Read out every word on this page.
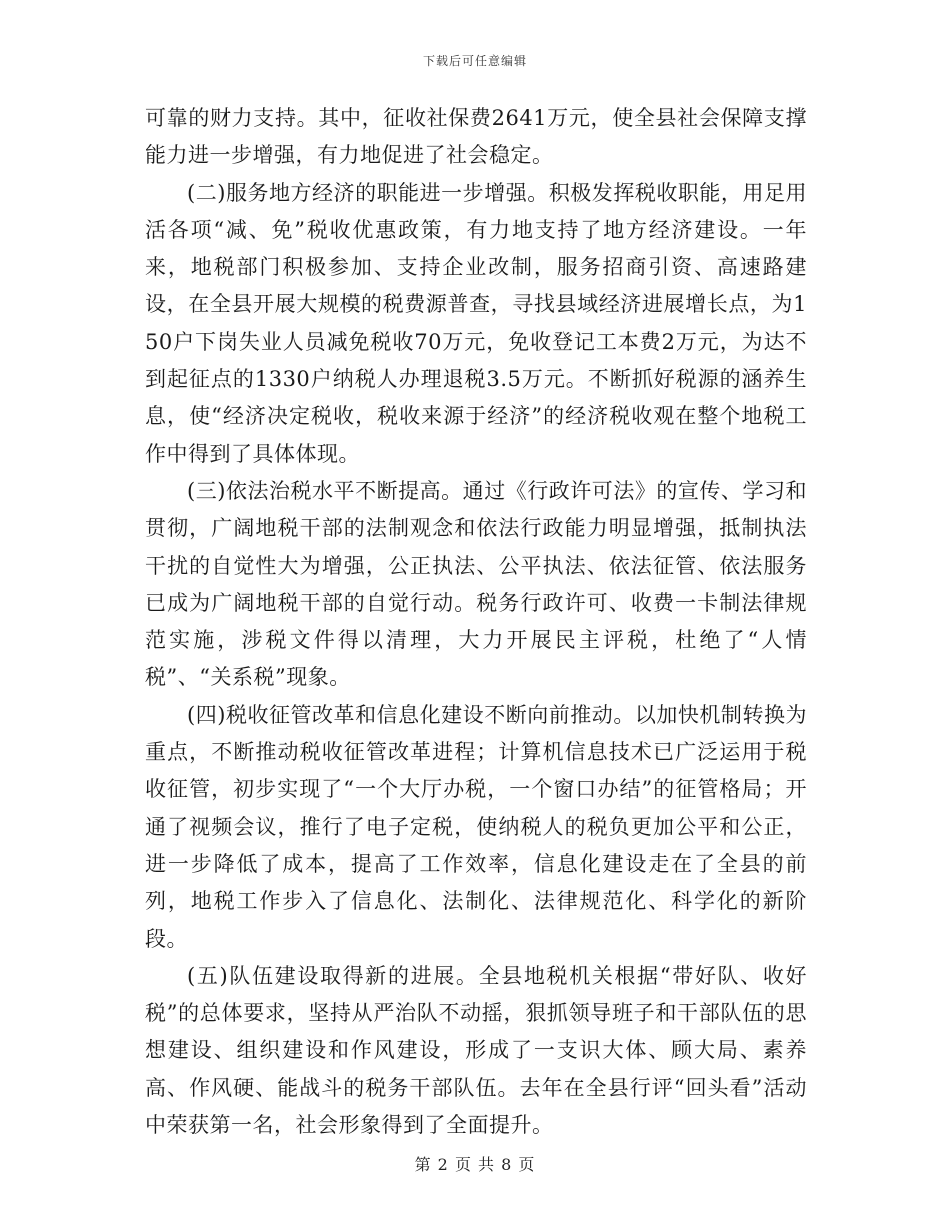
下载后可任意编辑

可靠的财力支持。其中，征收社保费2641万元，使全县社会保障支撑能力进一步增强，有力地促进了社会稳定。

(二)服务地方经济的职能进一步增强。积极发挥税收职能，用足用活各项“减、免”税收优惠政策，有力地支持了地方经济建设。一年来，地税部门积极参加、支持企业改制，服务招商引资、高速路建设，在全县开展大规模的税费源普查，寻找县域经济进展增长点，为150户下岗失业人员减免税收70万元，免收登记工本费2万元，为达不到起征点的1330户纳税人办理退税3.5万元。不断抓好税源的涵养生息，使“经济决定税收，税收来源于经济”的经济税收观在整个地税工作中得到了具体体现。

(三)依法治税水平不断提高。通过《行政许可法》的宣传、学习和贯彻，广阔地税干部的法制观念和依法行政能力明显增强，抵制执法干扰的自觉性大为增强，公正执法、公平执法、依法征管、依法服务已成为广阔地税干部的自觉行动。税务行政许可、收费一卡制法律规范实施，涉税文件得以清理，大力开展民主评税，杜绝了“人情税”、“关系税”现象。

(四)税收征管改革和信息化建设不断向前推动。以加快机制转换为重点，不断推动税收征管改革进程；计算机信息技术已广泛运用于税收征管，初步实现了“一个大厅办税，一个窗口办结”的征管格局；开通了视频会议，推行了电子定税，使纳税人的税负更加公平和公正，进一步降低了成本，提高了工作效率，信息化建设走在了全县的前列，地税工作步入了信息化、法制化、法律规范化、科学化的新阶段。

(五)队伍建设取得新的进展。全县地税机关根据“带好队、收好税”的总体要求，坚持从严治队不动摇，狠抓领导班子和干部队伍的思想建设、组织建设和作风建设，形成了一支识大体、顾大局、素养高、作风硬、能战斗的税务干部队伍。去年在全县行评“回头看”活动中荣获第一名，社会形象得到了全面提升。

第 2 页 共 8 页
